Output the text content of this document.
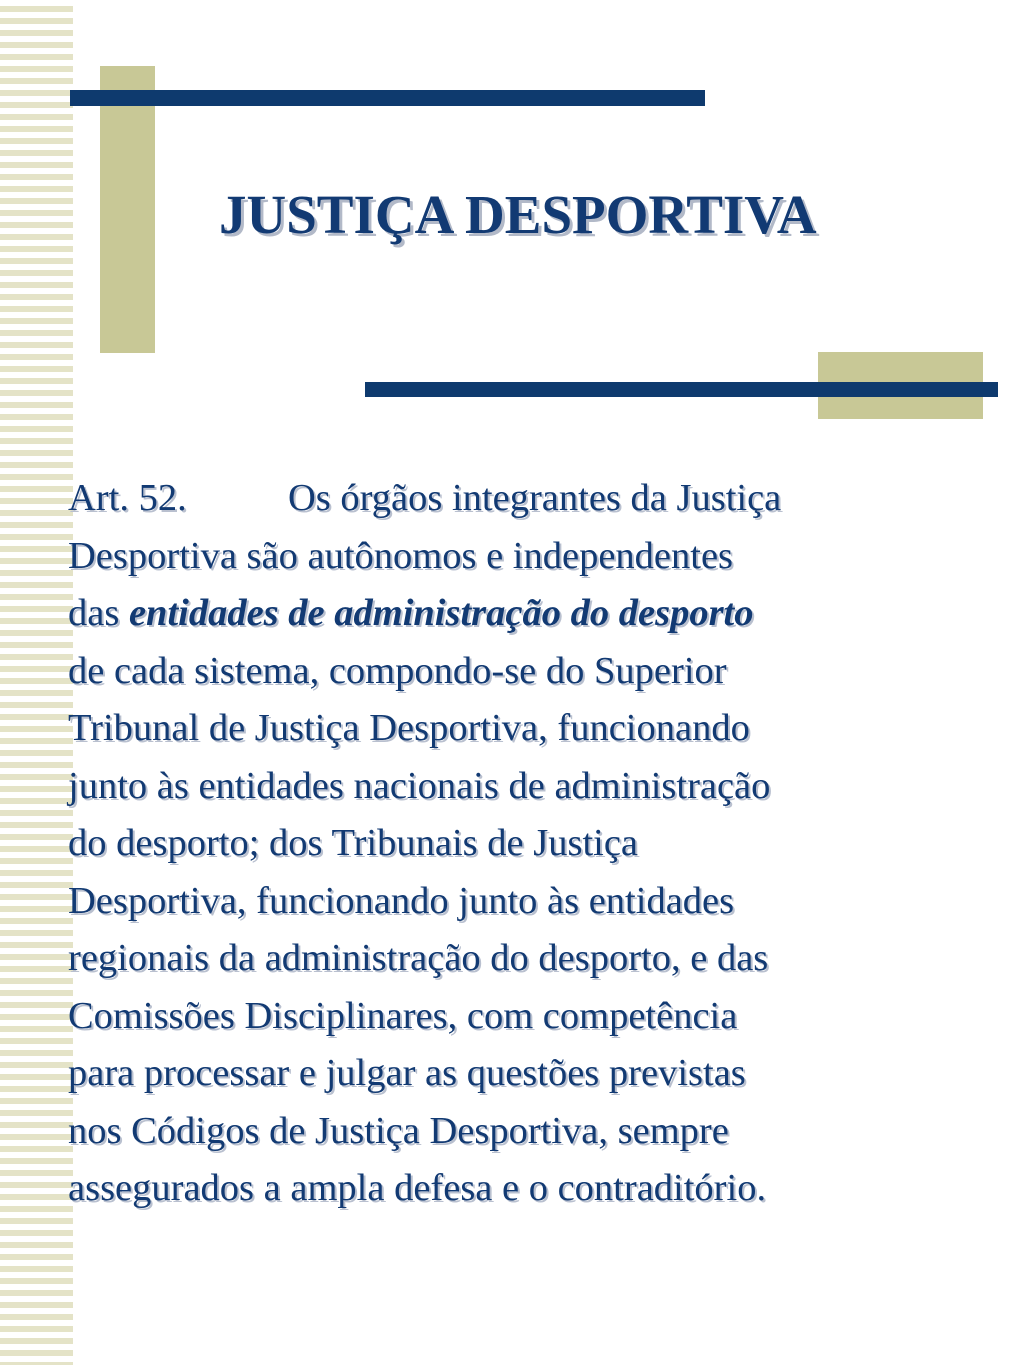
JUSTIÇA DESPORTIVA
Art. 52.	Os órgãos integrantes da Justiça
Desportiva são autônomos e independentes
das entidades de administração do desporto
de cada sistema, compondo-se do Superior
Tribunal de Justiça Desportiva, funcionando
junto às entidades nacionais de administração
do desporto; dos Tribunais de Justiça
Desportiva, funcionando junto às entidades
regionais da administração do desporto, e das
Comissões Disciplinares, com competência
para processar e julgar as questões previstas
nos Códigos de Justiça Desportiva, sempre
assegurados a ampla defesa e o contraditório.
